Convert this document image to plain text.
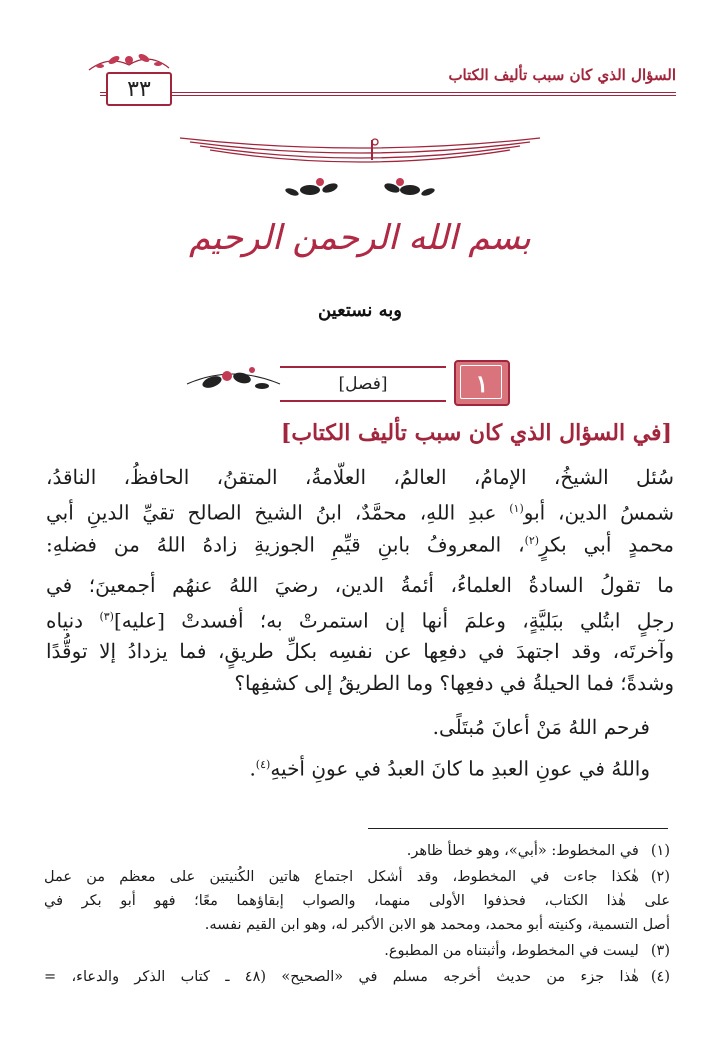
السؤال الذي كان سبب تأليف الكتاب
٣٣
بسم الله الرحمن الرحيم
وبه نستعين
[فصل]	١
[في السؤال الذي كان سبب تأليف الكتاب]
سُئل الشيخُ، الإمامُ، العالمُ، العلّامةُ، المتقنُ، الحافظُ، الناقدُ،
شمسُ الدين، أبو$^{(١)}$ عبدِ اللهِ، محمَّدٌ، ابنُ الشيخ الصالح تقيِّ الدينِ أبي
محمدٍ أبي بكرٍ$^{(٢)}$، المعروفُ بابنِ قيِّمِ الجوزيةِ زادهُ اللهُ من فضلهِ:
ما تقولُ السادةُ العلماءُ، أئمةُ الدين، رضيَ اللهُ عنهُم أجمعينَ؛ في
رجلٍ ابتُلي ببَليَّةٍ، وعلمَ أنها إن استمرتْ به؛ أفسدتْ [عليه]$^{(٣)}$ دنياه
وآخرتَه، وقد اجتهدَ في دفعِها عن نفسِه بكلِّ طريقٍ، فما يزدادُ إلا توقُّدًا
وشدةً؛ فما الحيلةُ في دفعِها؟ وما الطريقُ إلى كشفِها؟
فرحم اللهُ مَنْ أعانَ مُبتَلًى.
واللهُ في عونِ العبدِ ما كانَ العبدُ في عونِ أخيهِ$^{(٤)}$.
(١)في المخطوط: «أبي»، وهو خطأ ظاهر.
(٢)هٰكذا جاءت في المخطوط، وقد أشكل اجتماع هاتين الكُنيتين على معظم من عمل
على هٰذا الكتاب، فحذفوا الأولى منهما، والصواب إبقاؤهما معًا؛ فهو أبو بكر في
أصل التسمية، وكنيته أبو محمد، ومحمد هو الابن الأكبر له، وهو ابن القيم نفسه.
(٣)ليست في المخطوط، وأثبتناه من المطبوع.
(٤)هٰذا جزء من حديث أخرجه مسلم في «الصحيح» (٤٨ ـ كتاب الذكر والدعاء، =
